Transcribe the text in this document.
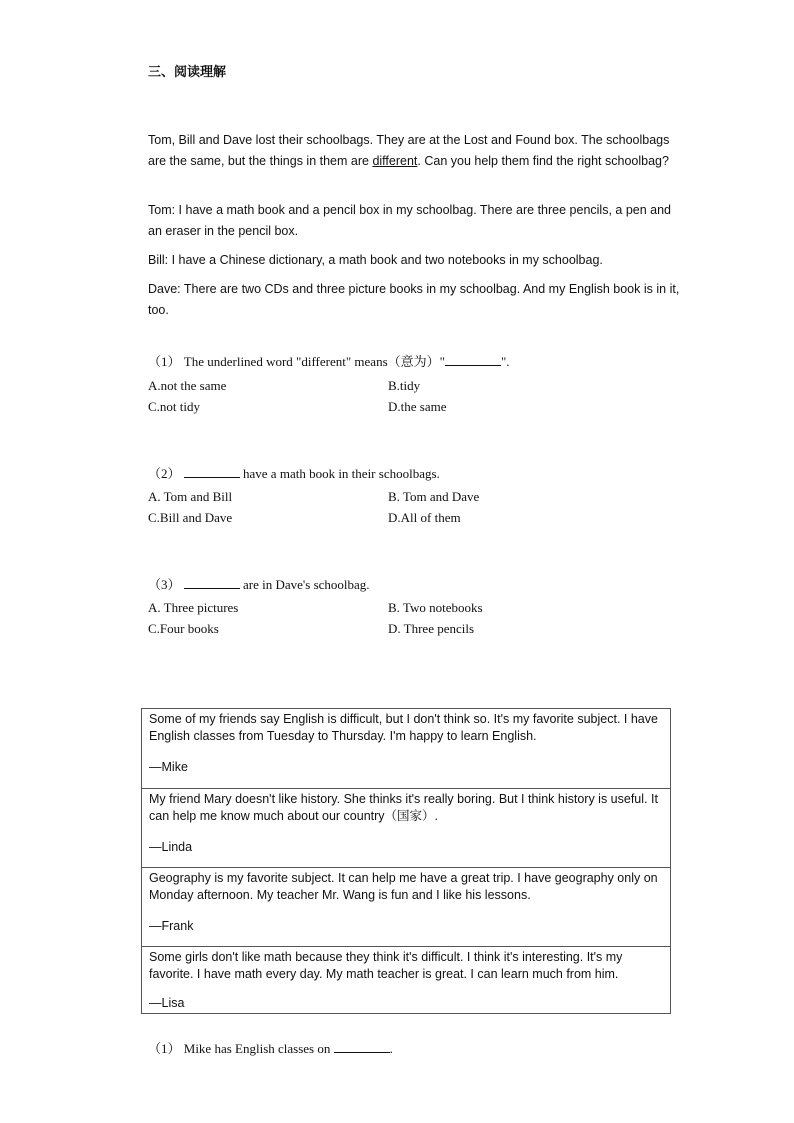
三、阅读理解
Tom, Bill and Dave lost their schoolbags. They are at the Lost and Found box. The schoolbags are the same, but the things in them are different. Can you help them find the right schoolbag?
Tom: I have a math book and a pencil box in my schoolbag. There are three pencils, a pen and an eraser in the pencil box.
Bill: I have a Chinese dictionary, a math book and two notebooks in my schoolbag.
Dave: There are two CDs and three picture books in my schoolbag. And my English book is in it, too.
（1） The underlined word "different" means（意为）"	".
A.not the same	B.tidy
C.not tidy	D.the same
（2）	have a math book in their schoolbags.
A. Tom and Bill	B. Tom and Dave
C.Bill and Dave	D.All of them
（3）	are in Dave's schoolbag.
A. Three pictures	B. Two notebooks
C.Four books	D. Three pencils
Some of my friends say English is difficult, but I don't think so. It's my favorite subject. I have English classes from Tuesday to Thursday. I'm happy to learn English.
—Mike
My friend Mary doesn't like history. She thinks it's really boring. But I think history is useful. It can help me know much about our country（国家）.
—Linda
Geography is my favorite subject. It can help me have a great trip. I have geography only on Monday afternoon. My teacher Mr. Wang is fun and I like his lessons.
—Frank
Some girls don't like math because they think it's difficult. I think it's interesting. It's my favorite. I have math every day. My math teacher is great. I can learn much from him.
—Lisa
（1） Mike has English classes on	.
